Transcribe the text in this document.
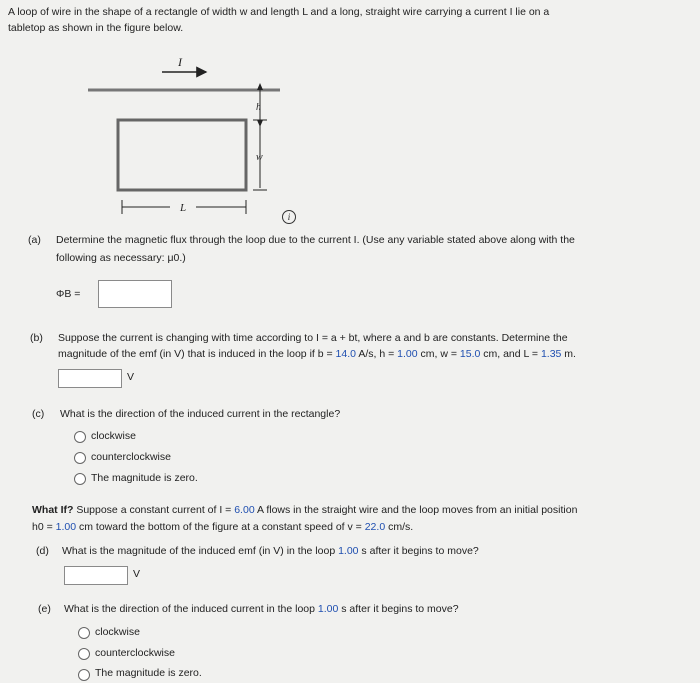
A loop of wire in the shape of a rectangle of width w and length L and a long, straight wire carrying a current I lie on a
tabletop as shown in the figure below.
I
h
w
L
i
(a) Determine the magnetic flux through the loop due to the current I. (Use any variable stated above along with the
following as necessary: μ0.)
ΦB =
(b) Suppose the current is changing with time according to I = a + bt, where a and b are constants. Determine the
magnitude of the emf (in V) that is induced in the loop if b = 14.0 A/s, h = 1.00 cm, w = 15.0 cm, and L = 1.35 m.
V
(c) What is the direction of the induced current in the rectangle?
clockwise
counterclockwise
The magnitude is zero.
What If? Suppose a constant current of I = 6.00 A flows in the straight wire and the loop moves from an initial position
h0 = 1.00 cm toward the bottom of the figure at a constant speed of v = 22.0 cm/s.
(d) What is the magnitude of the induced emf (in V) in the loop 1.00 s after it begins to move?
V
(e) What is the direction of the induced current in the loop 1.00 s after it begins to move?
clockwise
counterclockwise
The magnitude is zero.
